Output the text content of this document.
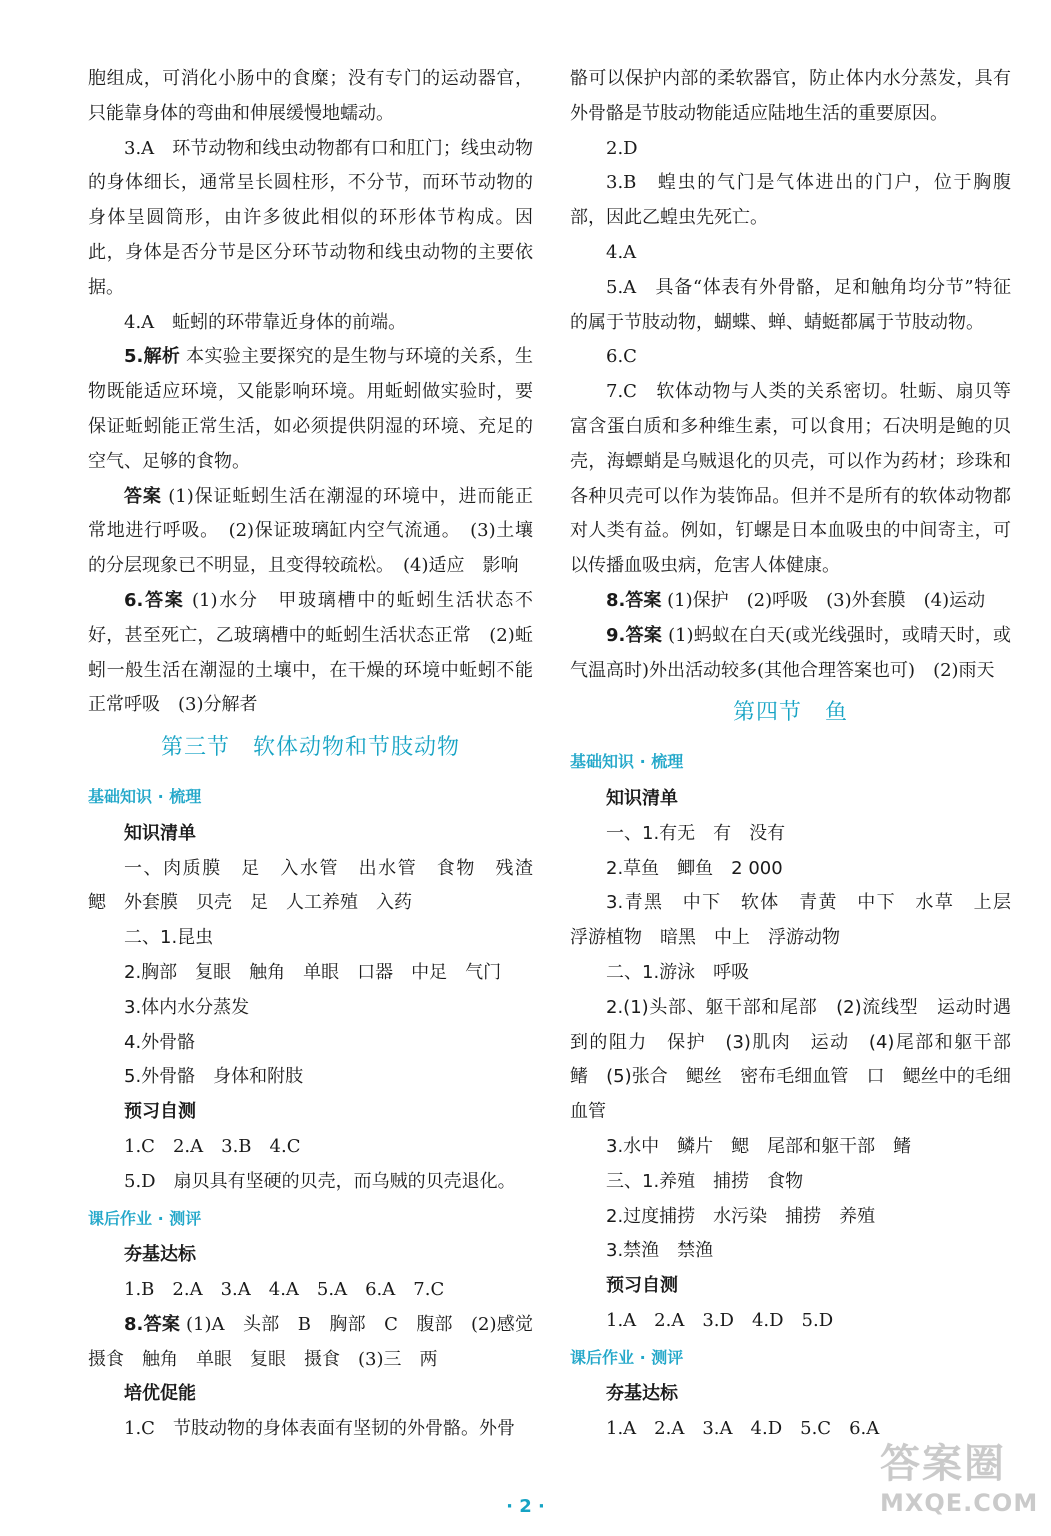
胞组成，可消化小肠中的食糜；没有专门的运动器官，只能靠身体的弯曲和伸展缓慢地蠕动。

3.A　环节动物和线虫动物都有口和肛门；线虫动物的身体细长，通常呈长圆柱形，不分节，而环节动物的身体呈圆筒形，由许多彼此相似的环形体节构成。因此，身体是否分节是区分环节动物和线虫动物的主要依据。

4.A　蚯蚓的环带靠近身体的前端。

5.解析 本实验主要探究的是生物与环境的关系，生物既能适应环境，又能影响环境。用蚯蚓做实验时，要保证蚯蚓能正常生活，如必须提供阴湿的环境、充足的空气、足够的食物。

答案 (1)保证蚯蚓生活在潮湿的环境中，进而能正常地进行呼吸。　(2)保证玻璃缸内空气流通。　(3)土壤的分层现象已不明显，且变得较疏松。　(4)适应　影响

6.答案 (1)水分　甲玻璃槽中的蚯蚓生活状态不好，甚至死亡，乙玻璃槽中的蚯蚓生活状态正常　(2)蚯蚓一般生活在潮湿的土壤中，在干燥的环境中蚯蚓不能正常呼吸　(3)分解者

第三节　软体动物和节肢动物
基础知识 · 梳理
知识清单

一、肉质膜　足　入水管　出水管　食物　残渣　鳃　外套膜　贝壳　足　人工养殖　入药

二、1.昆虫
2.胸部　复眼　触角　单眼　口器　中足　气门
3.体内水分蒸发
4.外骨骼
5.外骨骼　身体和附肢
预习自测
1.C　2.A　3.B　4.C
5.D　扇贝具有坚硬的贝壳，而乌贼的贝壳退化。
课后作业 · 测评
夯基达标
1.B　2.A　3.A　4.A　5.A　6.A　7.C

8.答案 (1)A　头部　B　胸部　C　腹部　(2)感觉　摄食　触角　单眼　复眼　摄食　(3)三　两

培优促能
1.C　节肢动物的身体表面有坚韧的外骨骼。外骨

骼可以保护内部的柔软器官，防止体内水分蒸发，具有外骨骼是节肢动物能适应陆地生活的重要原因。

2.D

3.B　蝗虫的气门是气体进出的门户，位于胸腹部，因此乙蝗虫先死亡。

4.A

5.A　具备“体表有外骨骼，足和触角均分节”特征的属于节肢动物，蝴蝶、蝉、蜻蜓都属于节肢动物。

6.C

7.C　软体动物与人类的关系密切。牡蛎、扇贝等富含蛋白质和多种维生素，可以食用；石决明是鲍的贝壳，海螵蛸是乌贼退化的贝壳，可以作为药材；珍珠和各种贝壳可以作为装饰品。但并不是所有的软体动物都对人类有益。例如，钉螺是日本血吸虫的中间寄主，可以传播血吸虫病，危害人体健康。

8.答案 (1)保护　(2)呼吸　(3)外套膜　(4)运动

9.答案 (1)蚂蚁在白天(或光线强时，或晴天时，或气温高时)外出活动较多(其他合理答案也可)　(2)雨天

第四节　鱼
基础知识 · 梳理
知识清单
一、1.有无　有　没有
2.草鱼　鲫鱼　2 000

3.青黑　中下　软体　青黄　中下　水草　上层　浮游植物　暗黑　中上　浮游动物

二、1.游泳　呼吸

2.(1)头部、躯干部和尾部　(2)流线型　运动时遇到的阻力　保护　(3)肌肉　运动　(4)尾部和躯干部　鳍　(5)张合　鳃丝　密布毛细血管　口　鳃丝中的毛细血管

3.水中　鳞片　鳃　尾部和躯干部　鳍
三、1.养殖　捕捞　食物
2.过度捕捞　水污染　捕捞　养殖
3.禁渔　禁渔
预习自测
1.A　2.A　3.D　4.D　5.D
课后作业 · 测评
夯基达标
1.A　2.A　3.A　4.D　5.C　6.A
· 2 ·
答案圈
MXQE.COM
